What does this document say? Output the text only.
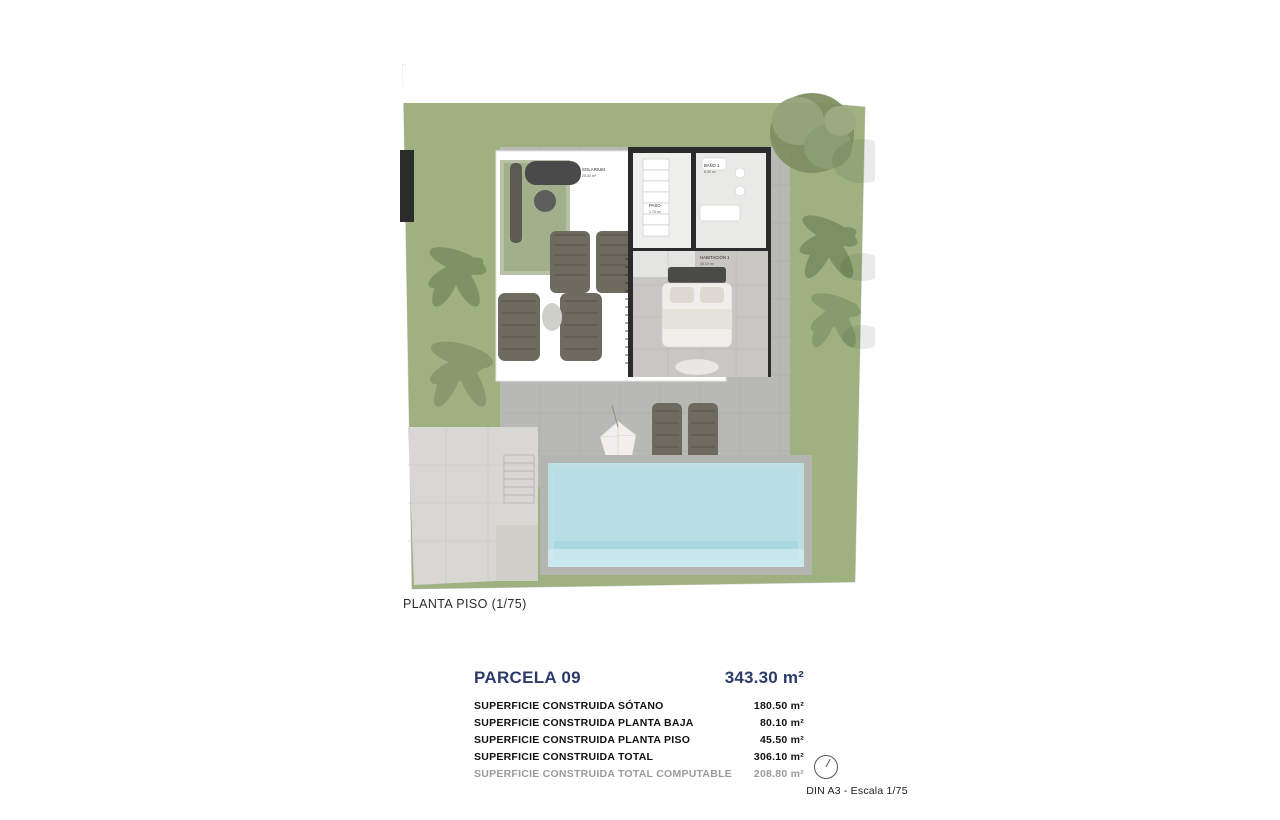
SOLARIUM
25.30 m²
BAÑO 1
6.40 m²
PASO
1.70 m²
HABITACIÓN 1
16.10 m²
PLANTA PISO (1/75)
PARCELA 09	343.30 m²
SUPERFICIE CONSTRUIDA SÓTANO	180.50 m²
SUPERFICIE CONSTRUIDA PLANTA BAJA	80.10 m²
SUPERFICIE CONSTRUIDA PLANTA PISO	45.50 m²
SUPERFICIE CONSTRUIDA TOTAL	306.10 m²
SUPERFICIE CONSTRUIDA TOTAL COMPUTABLE	208.80 m²
DIN A3 - Escala 1/75
